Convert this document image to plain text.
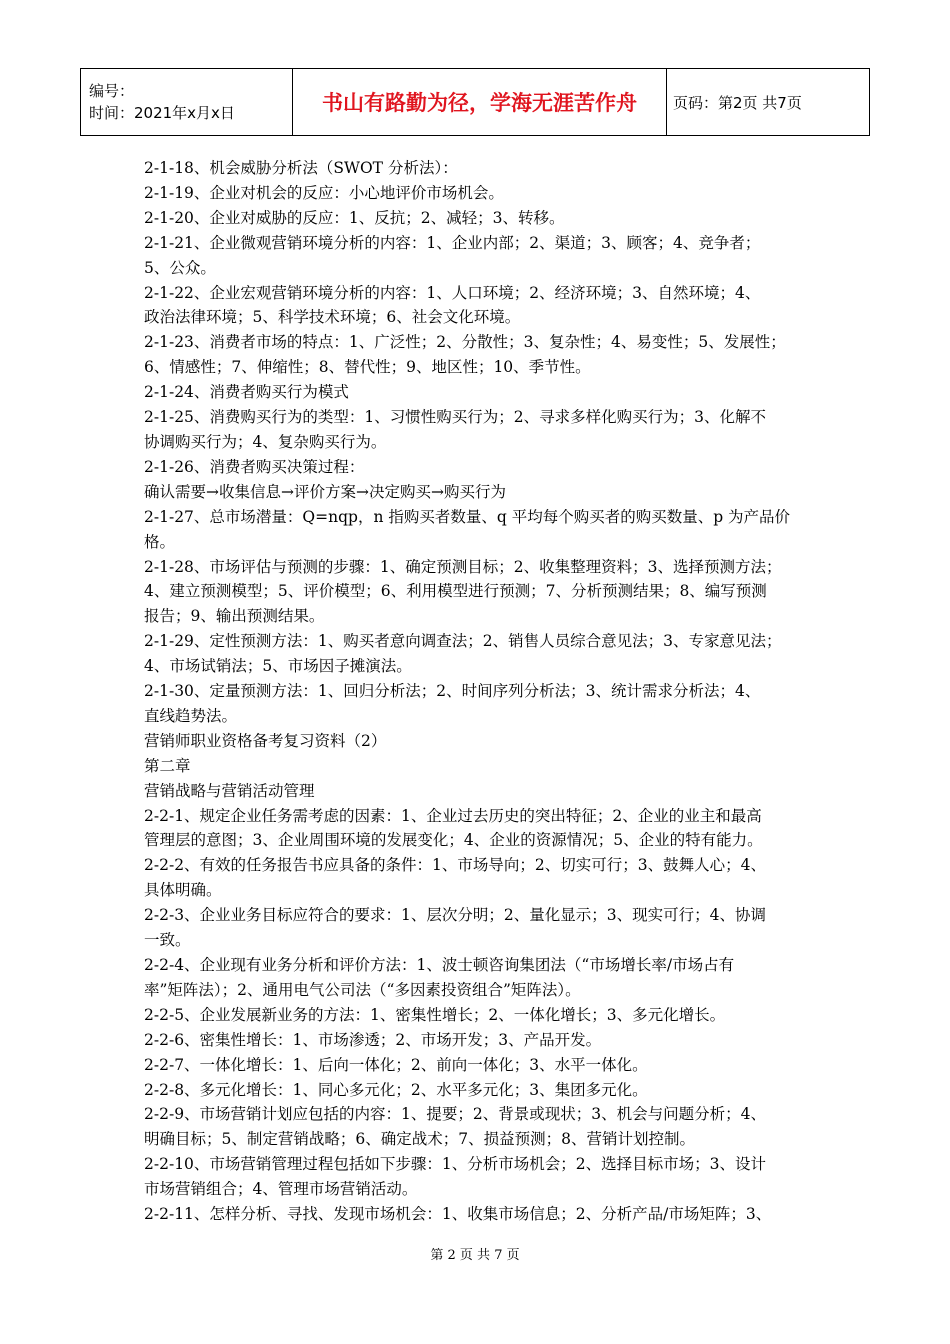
编号：
时间：2021年x月x日	书山有路勤为径，学海无涯苦作舟	页码：第2页 共7页

2-1-18、机会威胁分析法（SWOT 分析法）：

2-1-19、企业对机会的反应：小心地评价市场机会。

2-1-20、企业对威胁的反应：1、反抗；2、减轻；3、转移。

2-1-21、企业微观营销环境分析的内容：1、企业内部；2、渠道；3、顾客；4、竞争者；

5、公众。

2-1-22、企业宏观营销环境分析的内容：1、人口环境；2、经济环境；3、自然环境；4、

政治法律环境；5、科学技术环境；6、社会文化环境。

2-1-23、消费者市场的特点：1、广泛性；2、分散性；3、复杂性；4、易变性；5、发展性；

6、情感性；7、伸缩性；8、替代性；9、地区性；10、季节性。

2-1-24、消费者购买行为模式

2-1-25、消费购买行为的类型：1、习惯性购买行为；2、寻求多样化购买行为；3、化解不

协调购买行为；4、复杂购买行为。

2-1-26、消费者购买决策过程：

确认需要→收集信息→评价方案→决定购买→购买行为

2-1-27、总市场潜量：Q=nqp，n 指购买者数量、q 平均每个购买者的购买数量、p 为产品价

格。

2-1-28、市场评估与预测的步骤：1、确定预测目标；2、收集整理资料；3、选择预测方法；

4、建立预测模型；5、评价模型；6、利用模型进行预测；7、分析预测结果；8、编写预测

报告；9、输出预测结果。

2-1-29、定性预测方法：1、购买者意向调查法；2、销售人员综合意见法；3、专家意见法；

4、市场试销法；5、市场因子摊演法。

2-1-30、定量预测方法：1、回归分析法；2、时间序列分析法；3、统计需求分析法；4、

直线趋势法。

营销师职业资格备考复习资料（2）

第二章

营销战略与营销活动管理

2-2-1、规定企业任务需考虑的因素：1、企业过去历史的突出特征；2、企业的业主和最高

管理层的意图；3、企业周围环境的发展变化；4、企业的资源情况；5、企业的特有能力。

2-2-2、有效的任务报告书应具备的条件：1、市场导向；2、切实可行；3、鼓舞人心；4、

具体明确。

2-2-3、企业业务目标应符合的要求：1、层次分明；2、量化显示；3、现实可行；4、协调

一致。

2-2-4、企业现有业务分析和评价方法：1、波士顿咨询集团法（“市场增长率/市场占有

率”矩阵法）；2、通用电气公司法（“多因素投资组合”矩阵法）。

2-2-5、企业发展新业务的方法：1、密集性增长；2、一体化增长；3、多元化增长。

2-2-6、密集性增长：1、市场渗透；2、市场开发；3、产品开发。

2-2-7、一体化增长：1、后向一体化；2、前向一体化；3、水平一体化。

2-2-8、多元化增长：1、同心多元化；2、水平多元化；3、集团多元化。

2-2-9、市场营销计划应包括的内容：1、提要；2、背景或现状；3、机会与问题分析；4、

明确目标；5、制定营销战略；6、确定战术；7、损益预测；8、营销计划控制。

2-2-10、市场营销管理过程包括如下步骤：1、分析市场机会；2、选择目标市场；3、设计

市场营销组合；4、管理市场营销活动。

2-2-11、怎样分析、寻找、发现市场机会：1、收集市场信息；2、分析产品/市场矩阵；3、

第 2 页 共 7 页
